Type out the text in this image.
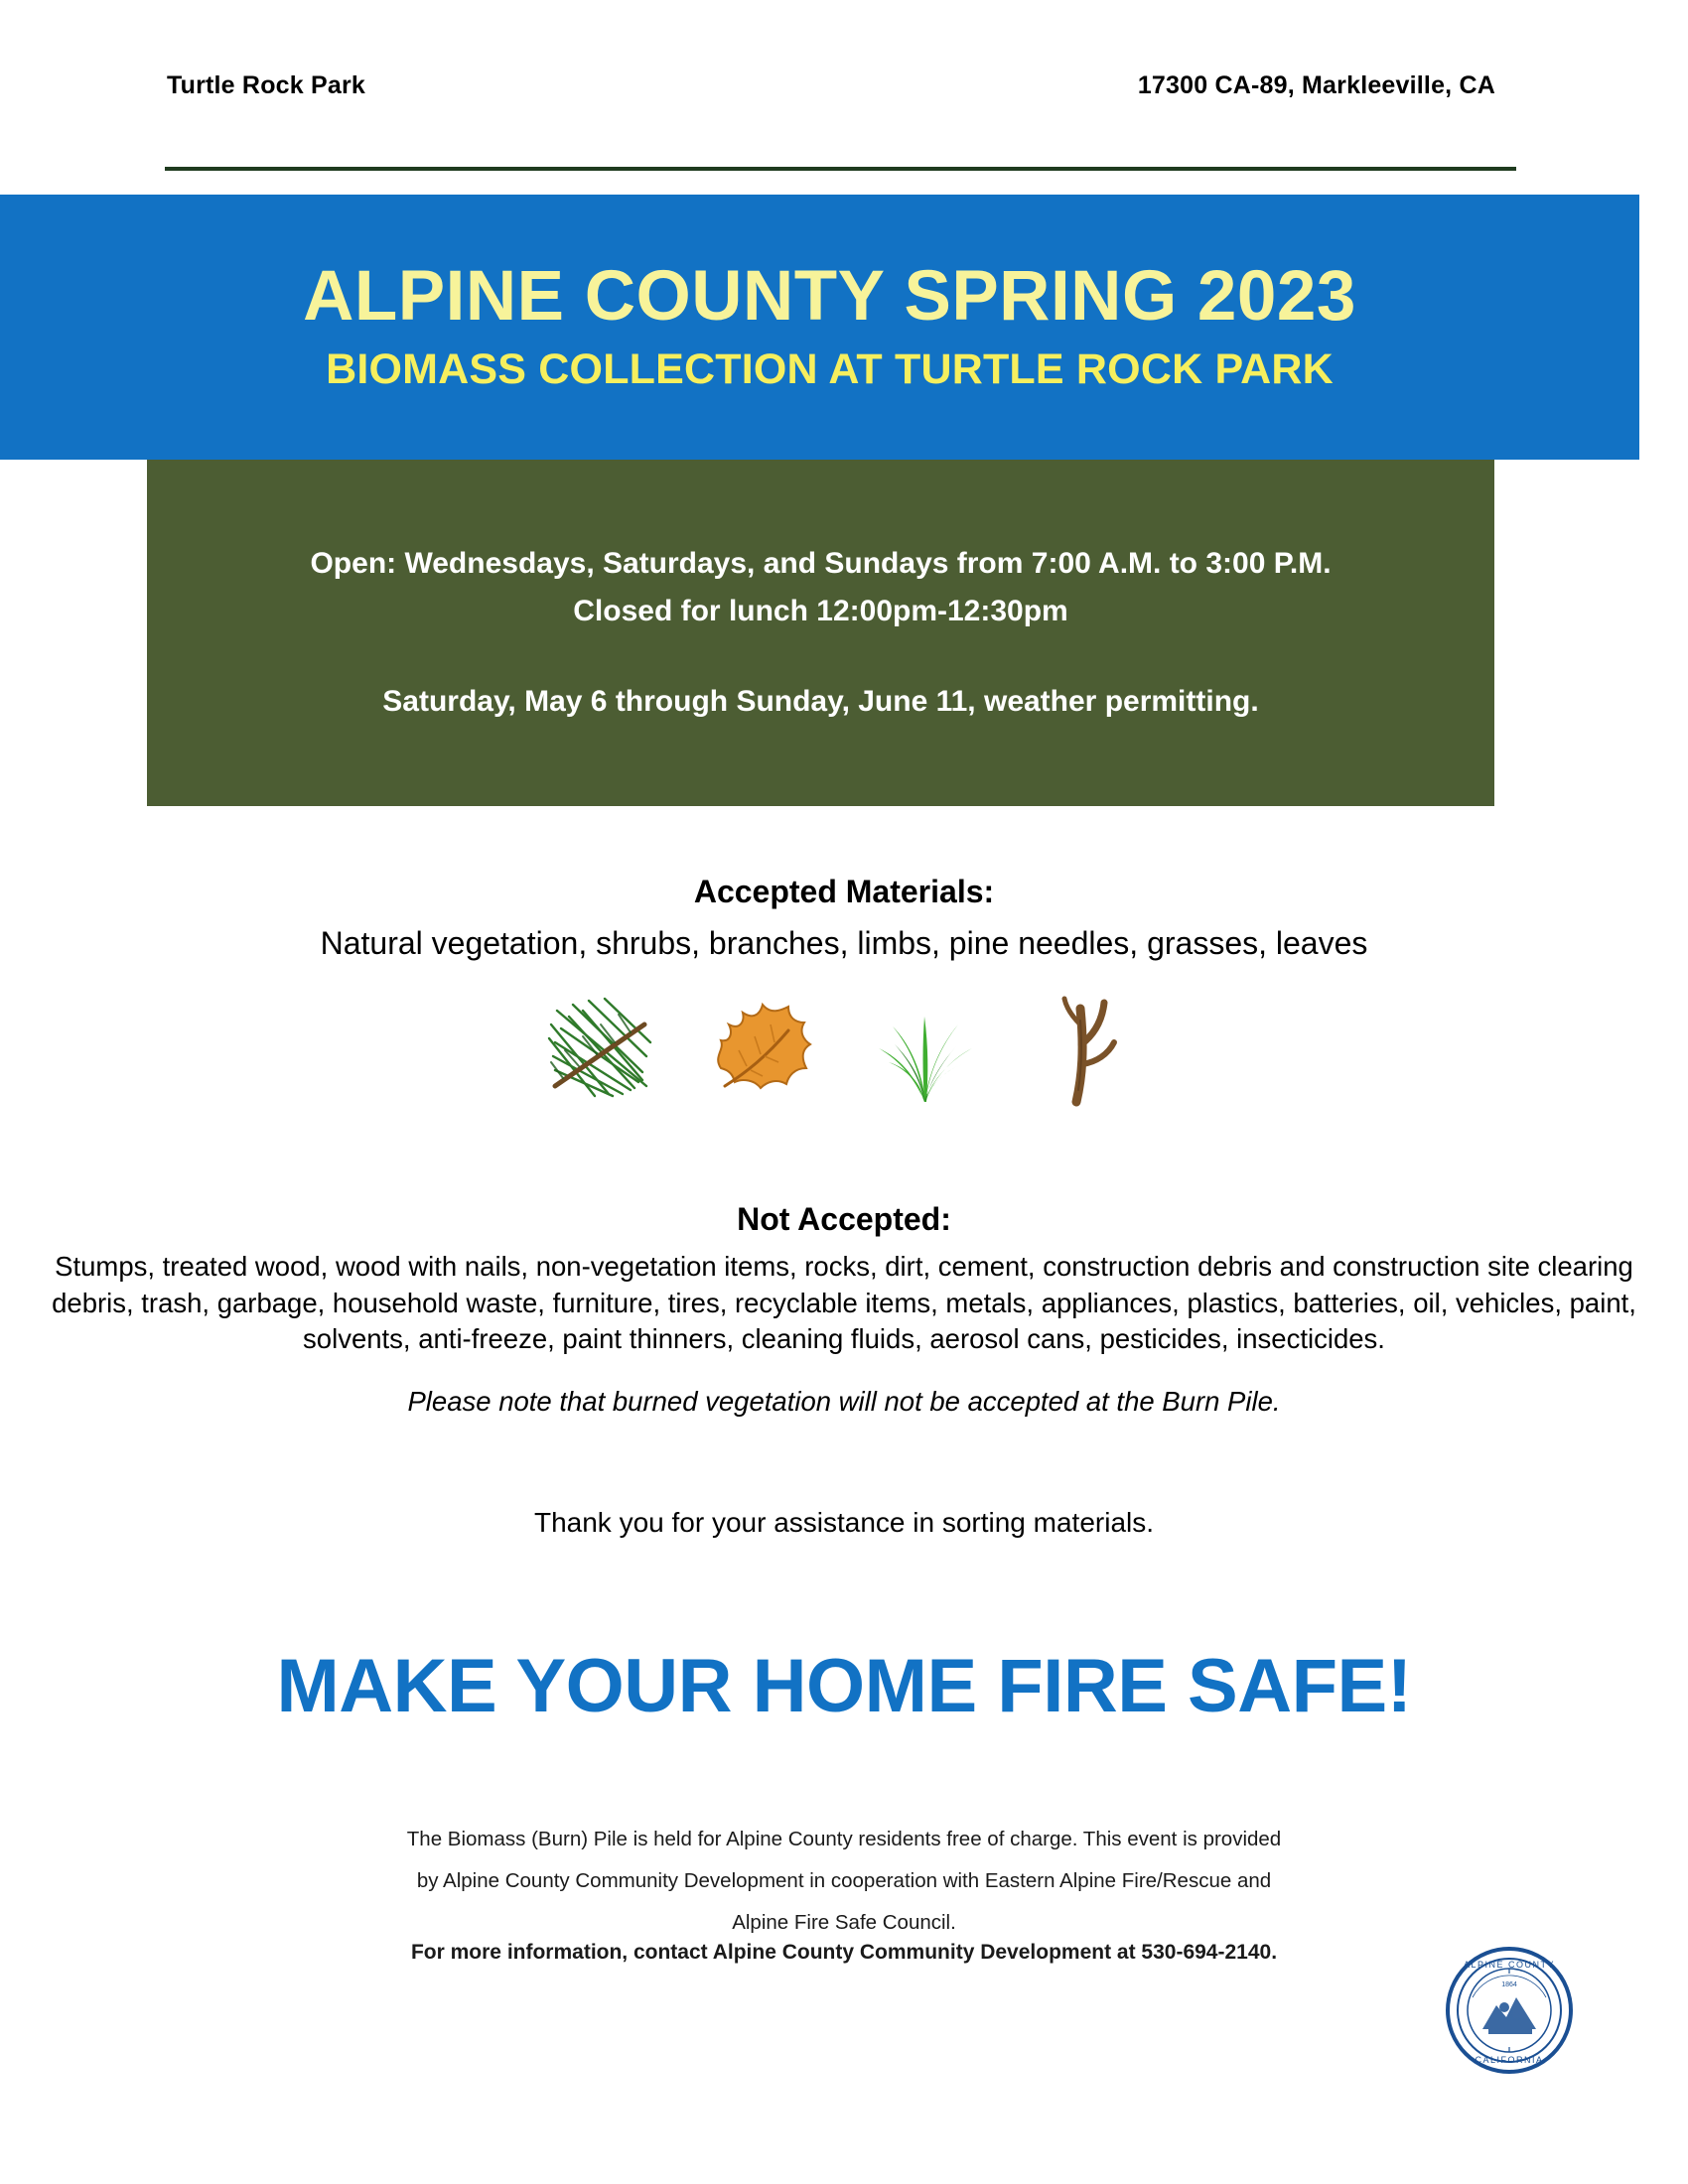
Turtle Rock Park	17300 CA-89, Markleeville, CA
ALPINE COUNTY SPRING 2023
BIOMASS COLLECTION AT TURTLE ROCK PARK
Open: Wednesdays, Saturdays, and Sundays from 7:00 A.M. to 3:00 P.M.
Closed for lunch 12:00pm-12:30pm
Saturday, May 6 through Sunday, June 11, weather permitting.
Accepted Materials:
Natural vegetation, shrubs, branches, limbs, pine needles, grasses, leaves
Not Accepted:
Stumps, treated wood, wood with nails, non-vegetation items, rocks, dirt, cement, construction debris and construction site clearing debris, trash, garbage, household waste, furniture, tires, recyclable items, metals, appliances, plastics, batteries, oil, vehicles, paint, solvents, anti-freeze, paint thinners, cleaning fluids, aerosol cans, pesticides, insecticides.
Please note that burned vegetation will not be accepted at the Burn Pile.
Thank you for your assistance in sorting materials.
MAKE YOUR HOME FIRE SAFE!
The Biomass (Burn) Pile is held for Alpine County residents free of charge. This event is provided
by Alpine County Community Development in cooperation with Eastern Alpine Fire/Rescue and
Alpine Fire Safe Council.
For more information, contact Alpine County Community Development at 530-694-2140.
ALPINE COUNTY
CALIFORNIA
1864
